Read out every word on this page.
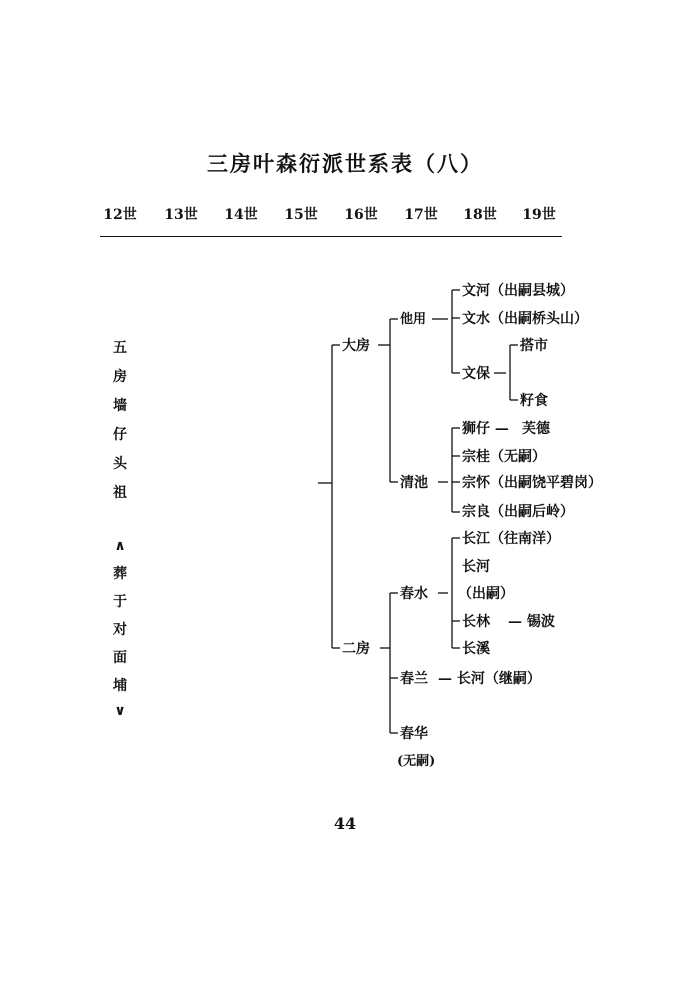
三房叶森衍派世系表（八）
12世	13世	14世	15世	16世	17世	18世	19世
五
房
墙
仔
头
祖
∧
葬
于
对
面
埔
∨
大房
二房
他用
清池
春水
春兰
春华
(无嗣)
文河（出嗣县城）
文水（出嗣桥头山）
文保
狮仔 —
宗桂（无嗣）
宗怀（出嗣饶平碧岗）
宗良（出嗣后岭）
长江（往南洋）
长河
（出嗣）
长林
长溪
— 长河（继嗣）
搭市
籽食
芙德
— 锡波
44
